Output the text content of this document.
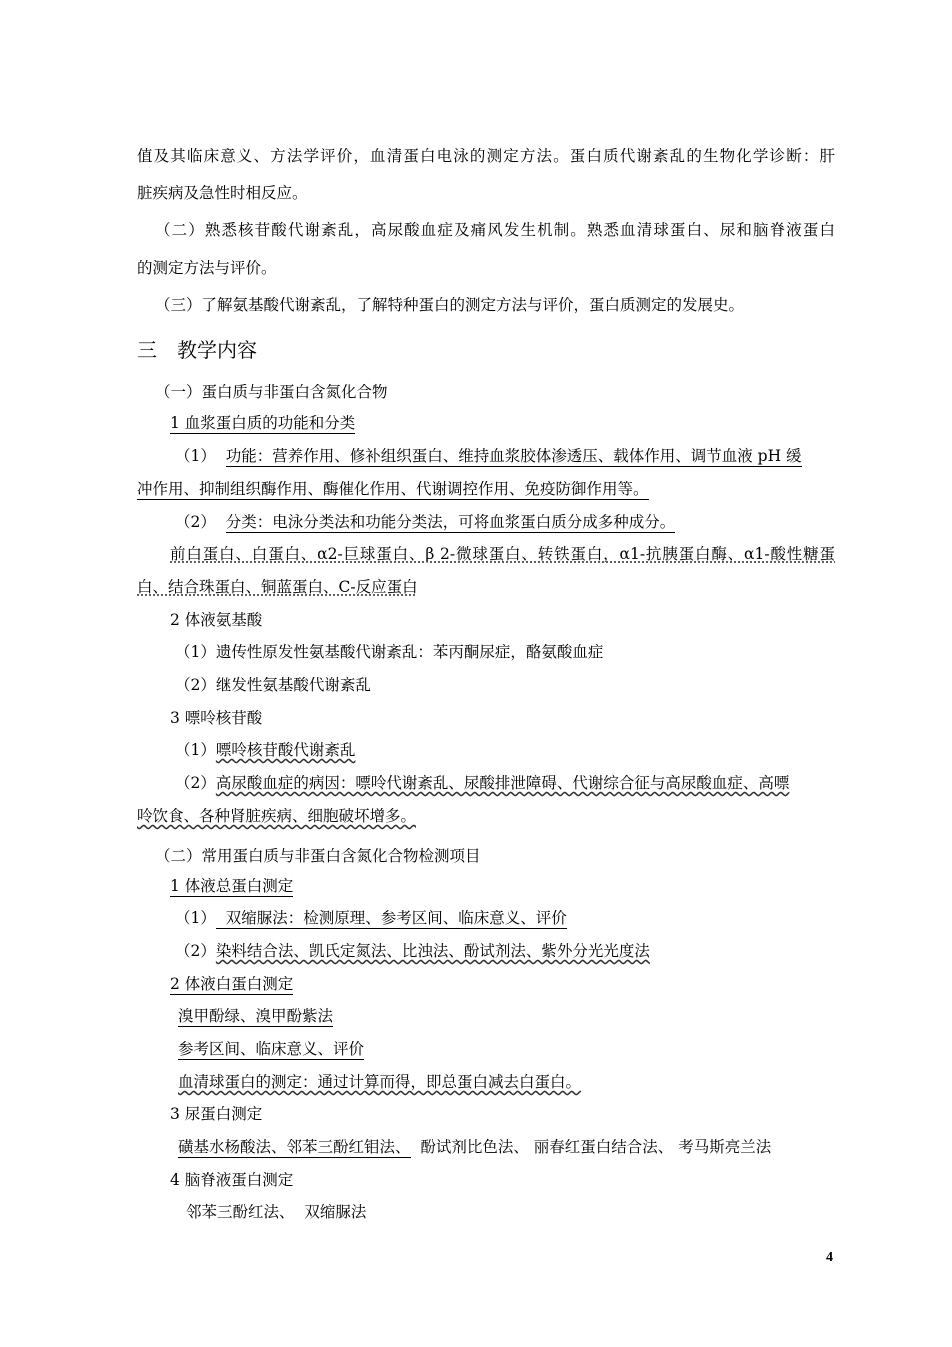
值及其临床意义、方法学评价，血清蛋白电泳的测定方法。蛋白质代谢紊乱的生物化学诊断：肝
脏疾病及急性时相反应。
（二）熟悉核苷酸代谢紊乱，高尿酸血症及痛风发生机制。熟悉血清球蛋白、尿和脑脊液蛋白
的测定方法与评价。
（三）了解氨基酸代谢紊乱，了解特种蛋白的测定方法与评价，蛋白质测定的发展史。
三　教学内容
（一）蛋白质与非蛋白含氮化合物
1 血浆蛋白质的功能和分类
（1） 功能：营养作用、修补组织蛋白、维持血浆胶体渗透压、载体作用、调节血液 pH 缓
冲作用、抑制组织酶作用、酶催化作用、代谢调控作用、免疫防御作用等。
（2） 分类：电泳分类法和功能分类法，可将血浆蛋白质分成多种成分。
前白蛋白、白蛋白、α2-巨球蛋白、β 2-微球蛋白、转铁蛋白，α1-抗胰蛋白酶、α1-酸性糖蛋
白、结合珠蛋白、铜蓝蛋白、C-反应蛋白
2 体液氨基酸
（1）遗传性原发性氨基酸代谢紊乱：苯丙酮尿症，酪氨酸血症
（2）继发性氨基酸代谢紊乱
3 嘌呤核苷酸
（1）嘌呤核苷酸代谢紊乱
（2）高尿酸血症的病因：嘌呤代谢紊乱、尿酸排泄障碍、代谢综合征与高尿酸血症、高嘌
呤饮食、各种肾脏疾病、细胞破坏增多。
（二）常用蛋白质与非蛋白含氮化合物检测项目
1 体液总蛋白测定
（1）  双缩脲法：检测原理、参考区间、临床意义、评价
（2）染料结合法、凯氏定氮法、比浊法、酚试剂法、紫外分光光度法
2 体液白蛋白测定
溴甲酚绿、溴甲酚紫法
参考区间、临床意义、评价
血清球蛋白的测定：通过计算而得，即总蛋白减去白蛋白。
3 尿蛋白测定
磺基水杨酸法、邻苯三酚红钼法、  酚试剂比色法、 丽春红蛋白结合法、 考马斯亮兰法
4 脑脊液蛋白测定
邻苯三酚红法、  双缩脲法
4
